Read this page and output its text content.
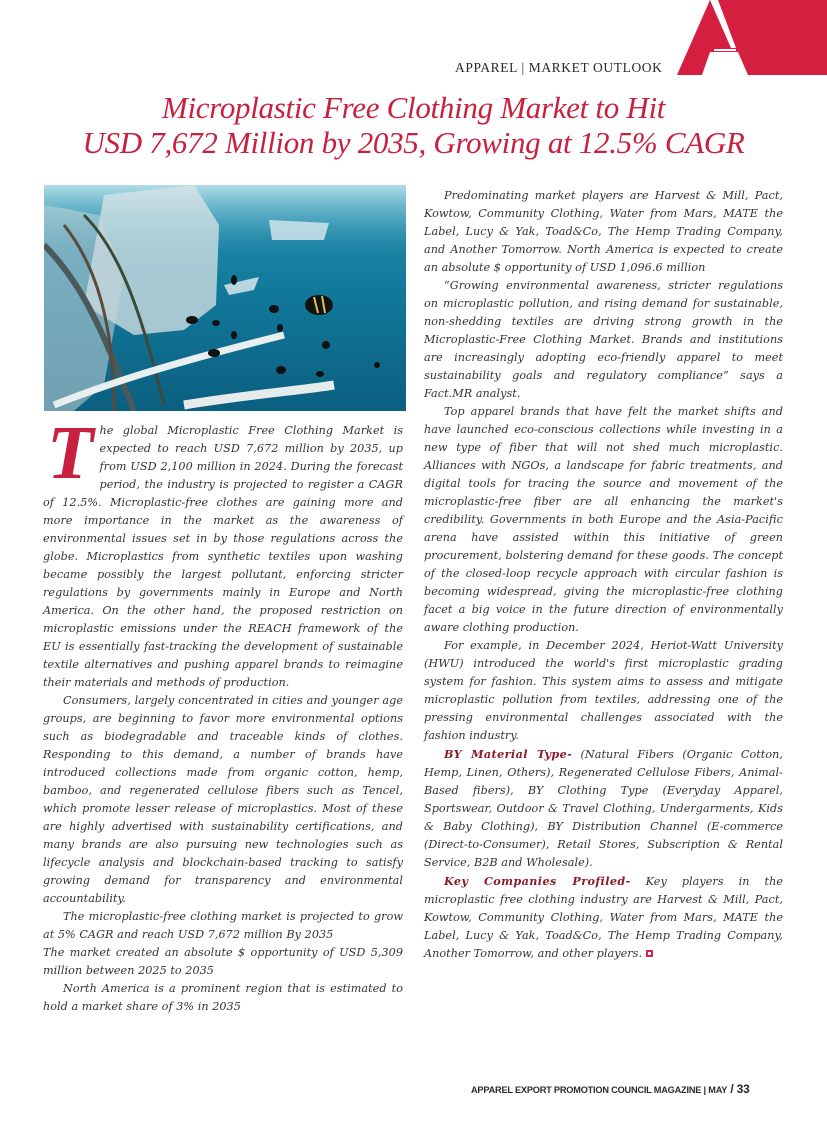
APPAREL | MARKET OUTLOOK
Microplastic Free Clothing Market to Hit
USD 7,672 Million by 2035, Growing at 12.5% CAGR

The global Microplastic Free Clothing Market is expected to reach USD 7,672 million by 2035, up from USD 2,100 million in 2024. During the forecast period, the industry is projected to register a CAGR of 12.5%. Microplastic-free clothes are gaining more and more importance in the market as the awareness of environmental issues set in by those regulations across the globe. Microplastics from synthetic textiles upon washing became possibly the largest pollutant, enforcing stricter regulations by governments mainly in Europe and North America. On the other hand, the proposed restriction on microplastic emissions under the REACH framework of the EU is essentially fast-tracking the development of sustainable textile alternatives and pushing apparel brands to reimagine their materials and methods of production.

Consumers, largely concentrated in cities and younger age groups, are beginning to favor more environmental options such as biodegradable and traceable kinds of clothes. Responding to this demand, a number of brands have introduced collections made from organic cotton, hemp, bamboo, and regenerated cellulose fibers such as Tencel, which promote lesser release of microplastics. Most of these are highly advertised with sustainability certifications, and many brands are also pursuing new technologies such as lifecycle analysis and blockchain-based tracking to satisfy growing demand for transparency and environmental accountability.

The microplastic-free clothing market is projected to grow at 5% CAGR and reach USD 7,672 million By 2035

The market created an absolute $ opportunity of USD 5,309 million between 2025 to 2035

North America is a prominent region that is estimated to hold a market share of 3% in 2035

Predominating market players are Harvest & Mill, Pact, Kowtow, Community Clothing, Water from Mars, MATE the Label, Lucy & Yak, Toad&Co, The Hemp Trading Company, and Another Tomorrow. North America is expected to create an absolute $ opportunity of USD 1,096.6 million

“Growing environmental awareness, stricter regulations on microplastic pollution, and rising demand for sustainable, non-shedding textiles are driving strong growth in the Microplastic-Free Clothing Market. Brands and institutions are increasingly adopting eco-friendly apparel to meet sustainability goals and regulatory compliance” says a Fact.MR analyst.

Top apparel brands that have felt the market shifts and have launched eco-conscious collections while investing in a new type of fiber that will not shed much microplastic. Alliances with NGOs, a landscape for fabric treatments, and digital tools for tracing the source and movement of the microplastic-free fiber are all enhancing the market's credibility. Governments in both Europe and the Asia-Pacific arena have assisted within this initiative of green procurement, bolstering demand for these goods. The concept of the closed-loop recycle approach with circular fashion is becoming widespread, giving the microplastic-free clothing facet a big voice in the future direction of environmentally aware clothing production.

For example, in December 2024, Heriot-Watt University (HWU) introduced the world's first microplastic grading system for fashion. This system aims to assess and mitigate microplastic pollution from textiles, addressing one of the pressing environmental challenges associated with the fashion industry.

BY Material Type- (Natural Fibers (Organic Cotton, Hemp, Linen, Others), Regenerated Cellulose Fibers, Animal-Based fibers), BY Clothing Type (Everyday Apparel, Sportswear, Outdoor & Travel Clothing, Undergarments, Kids & Baby Clothing), BY Distribution Channel (E-commerce (Direct-to-Consumer), Retail Stores, Subscription & Rental Service, B2B and Wholesale).

Key Companies Profiled- Key players in the microplastic free clothing industry are Harvest & Mill, Pact, Kowtow, Community Clothing, Water from Mars, MATE the Label, Lucy & Yak, Toad&Co, The Hemp Trading Company, Another Tomorrow, and other players.

APPAREL EXPORT PROMOTION COUNCIL MAGAZINE | MAY / 33
